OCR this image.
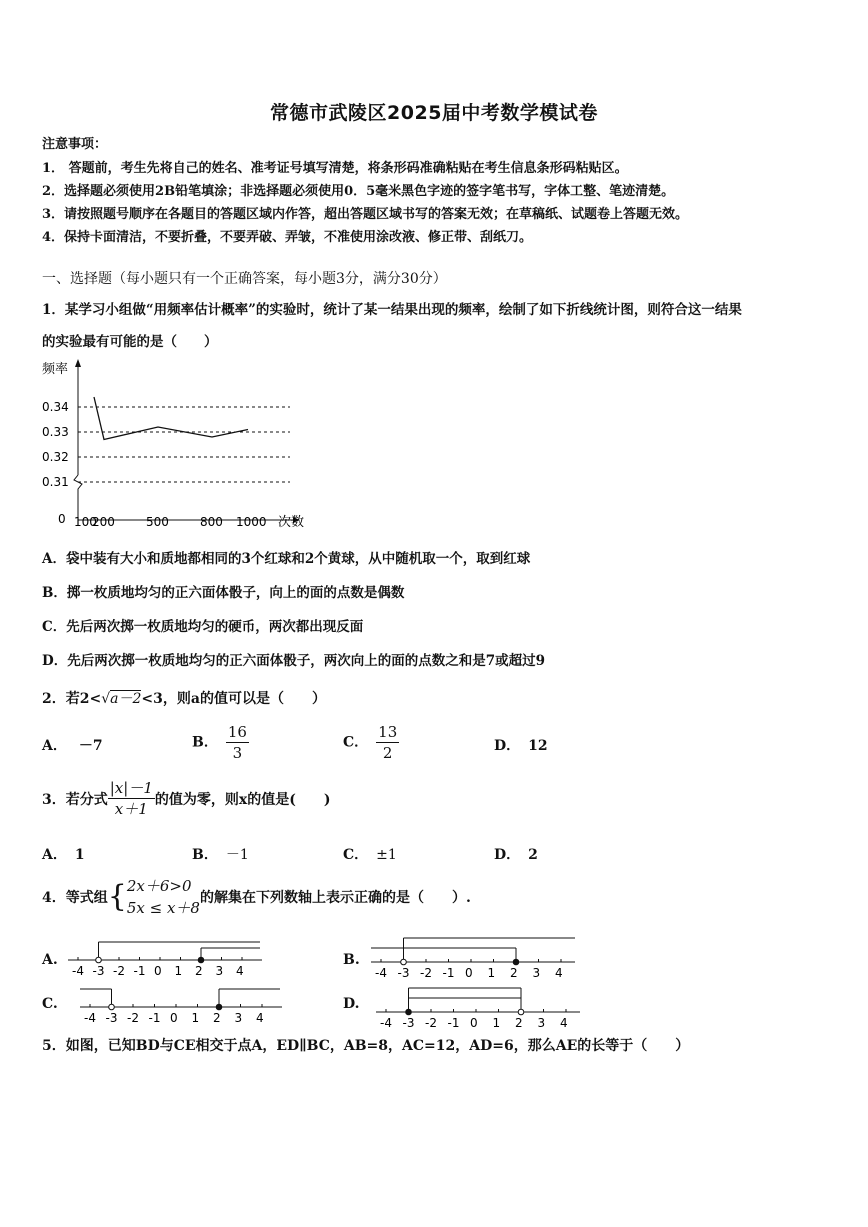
常德市武陵区2025届中考数学模试卷
注意事项：
1． 答题前，考生先将自己的姓名、准考证号填写清楚，将条形码准确粘贴在考生信息条形码粘贴区。
2．选择题必须使用2B铅笔填涂；非选择题必须使用0．5毫米黑色字迹的签字笔书写，字体工整、笔迹清楚。
3．请按照题号顺序在各题目的答题区域内作答，超出答题区域书写的答案无效；在草稿纸、试题卷上答题无效。
4．保持卡面清洁，不要折叠，不要弄破、弄皱，不准使用涂改液、修正带、刮纸刀。
一、选择题（每小题只有一个正确答案，每小题3分，满分30分）
1．某学习小组做“用频率估计概率”的实验时，统计了某一结果出现的频率，绘制了如下折线统计图，则符合这一结果
的实验最有可能的是（　　）
频率
0	次数
0.31
0.32
0.33
0.34
100
200	500	800 1000
A．袋中装有大小和质地都相同的3个红球和2个黄球，从中随机取一个，取到红球
B．掷一枚质地均匀的正六面体骰子，向上的面的点数是偶数
C．先后两次掷一枚质地均匀的硬币，两次都出现反面
D．先后两次掷一枚质地均匀的正六面体骰子，两次向上的面的点数之和是7或超过9
2．若2<√a－2<3，则a的值可以是（　　）
A． －7	B． $\frac{16}{3}$	C． $\frac{13}{2}$	D． 12
3．若分式 $\frac{|x|-1}{x+1}$ 的值为零，则x的值是(　　)
A． 1	B． －1	C． ±1	D． 2
4．等式组 { 2x＋6>0
5x ≤ x＋8
的解集在下列数轴上表示正确的是（　　）.
A.
-4 -3 -2 -1 0 1 2 3 4
B.
-4 -3 -2 -1 0 1 2 3 4
C.
-4 -3 -2 -1 0 1 2 3 4
D.
-4 -3 -2 -1 0 1 2 3 4
5．如图，已知BD与CE相交于点A，ED∥BC，AB=8，AC=12，AD=6，那么AE的长等于（　　）
